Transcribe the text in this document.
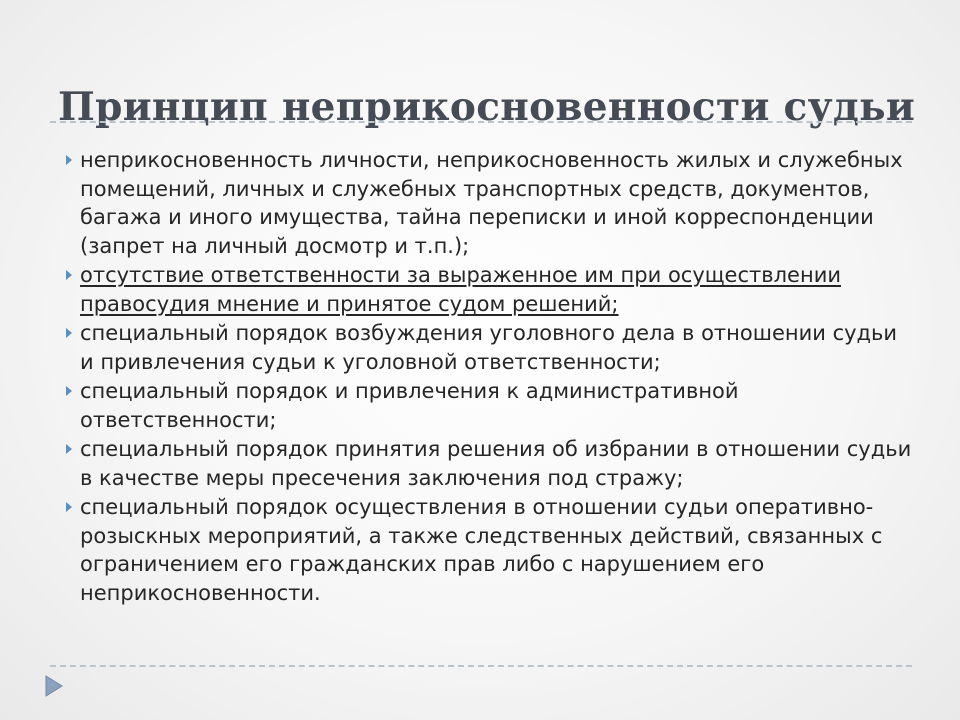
Принцип неприкосновенности судьи
неприкосновенность личности, неприкосновенность жилых и служебных помещений, личных и служебных транспортных средств, документов, багажа и иного имущества, тайна переписки и иной корреспонденции (запрет на личный досмотр и т.п.);
отсутствие ответственности за выраженное им при осуществлении правосудия мнение и принятое судом решений;
специальный порядок возбуждения уголовного дела в отношении судьи и привлечения судьи к уголовной ответственности;
специальный порядок и привлечения к административной ответственности;
специальный порядок принятия решения об избрании в отношении судьи в качестве меры пресечения заключения под стражу;
специальный порядок осуществления в отношении судьи оперативно-розыскных мероприятий, а также следственных действий, связанных с ограничением его гражданских прав либо с нарушением его неприкосновенности.
